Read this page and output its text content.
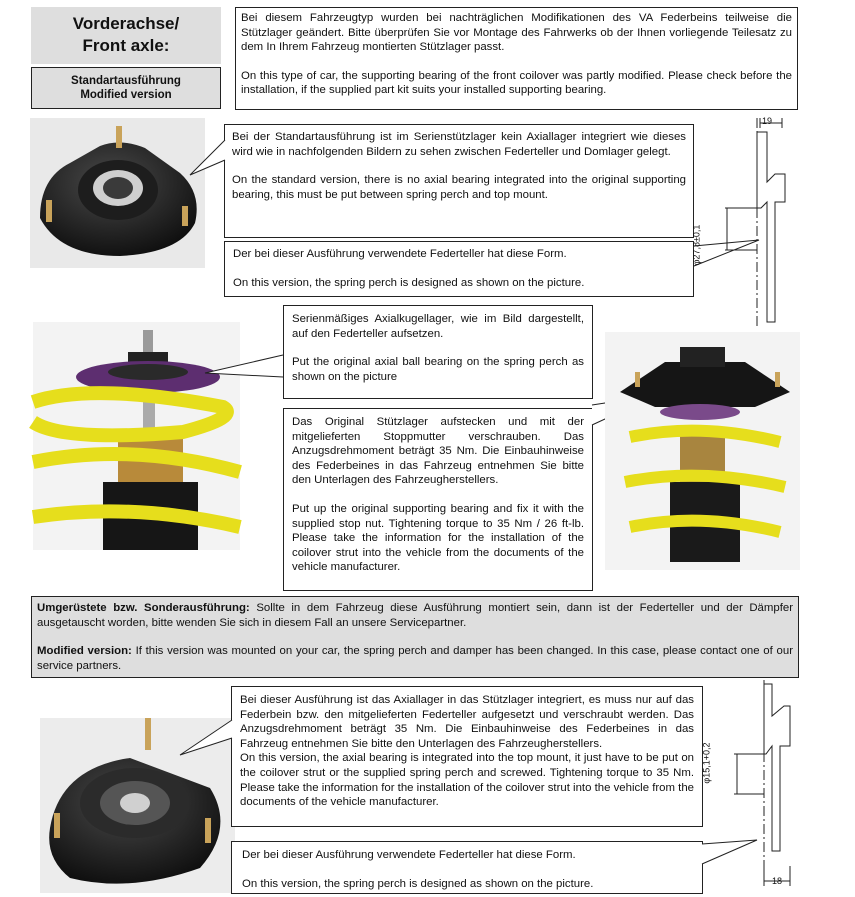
Vorderachse/
Front axle:
Standartausführung
Modified version

Bei diesem Fahrzeugtyp wurden bei nachträglichen Modifikationen des VA Federbeins teilweise die Stützlager geändert. Bitte überprüfen Sie vor Montage des Fahrwerks ob der Ihnen vorliegende Teilesatz zu dem In Ihrem Fahrzeug montierten Stützlager passt.

On this type of car, the supporting bearing of the front coilover was partly modified. Please check before the installation, if the supplied part kit suits your installed supporting bearing.

Bei der Standartausführung ist im Serienstützlager kein Axiallager integriert wie dieses wird wie in nachfolgenden Bildern zu sehen zwischen Federteller und Domlager gelegt.

On the standard version, there is no axial bearing integrated into the original supporting bearing, this must be put between spring perch and top mount.

Der bei dieser Ausführung verwendete Federteller hat diese Form.

On this version, the spring perch is designed as shown on the picture.

19
φ27,8±0,1

Serienmäßiges Axialkugellager, wie im Bild dargestellt, auf den Federteller aufsetzen.

Put the original axial ball bearing on the spring perch as shown on the picture

Das Original Stützlager aufstecken und mit der mitgelieferten Stoppmutter verschrauben. Das Anzugsdrehmoment beträgt 35 Nm. Die Einbauhinweise des Federbeines in das Fahrzeug entnehmen Sie bitte den Unterlagen des Fahrzeugherstellers.

Put up the original supporting bearing and fix it with the supplied stop nut. Tightening torque to 35 Nm / 26 ft-lb. Please take the information for the installation of the coilover strut into the vehicle from the documents of the vehicle manufacturer.

Umgerüstete bzw. Sonderausführung: Sollte in dem Fahrzeug diese Ausführung montiert sein, dann ist der Federteller und der Dämpfer ausgetauscht worden, bitte wenden Sie sich in diesem Fall an unsere Servicepartner.

Modified version: If this version was mounted on your car, the spring perch and damper has been changed. In this case, please contact one of our service partners.

Bei dieser Ausführung ist das Axiallager in das Stützlager integriert, es muss nur auf das Federbein bzw. den mitgelieferten Federteller aufgesetzt und verschraubt werden. Das Anzugsdrehmoment beträgt 35 Nm. Die Einbauhinweise des Federbeines in das Fahrzeug entnehmen Sie bitte den Unterlagen des Fahrzeugherstellers.

On this version, the axial bearing is integrated into the top mount, it just have to be put on the coilover strut or the supplied spring perch and screwed. Tightening torque to 35 Nm. Please take the information for the installation of the coilover strut into the vehicle from the documents of the vehicle manufacturer.

Der bei dieser Ausführung verwendete Federteller hat diese Form.

On this version, the spring perch is designed as shown on the picture.

φ15,1+0,2
18
